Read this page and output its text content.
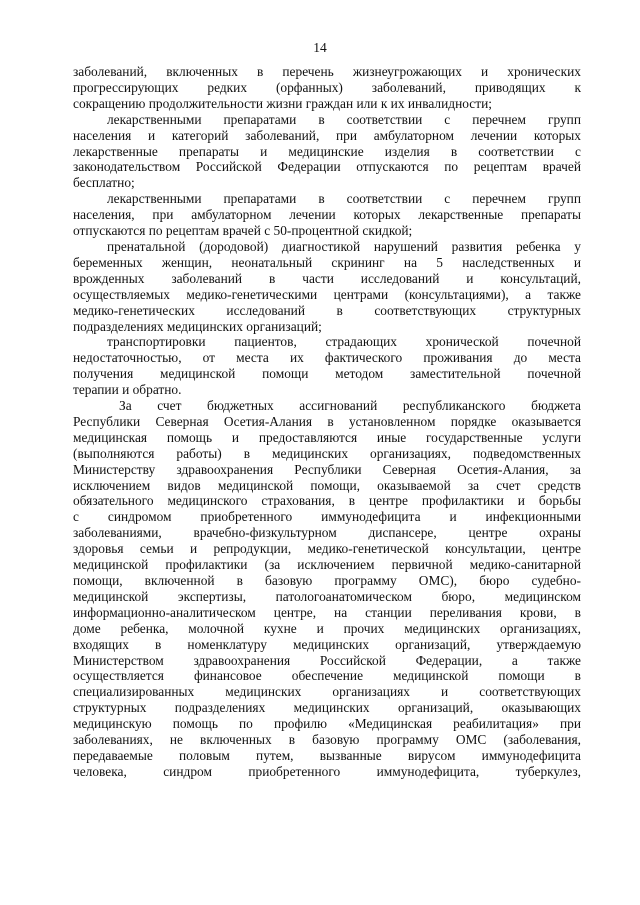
14
заболеваний, включенных в перечень жизнеугрожающих и хронических
прогрессирующих редких (орфанных) заболеваний, приводящих к
сокращению продолжительности жизни граждан или к их инвалидности;
лекарственными препаратами в соответствии с перечнем групп
населения и категорий заболеваний, при амбулаторном лечении которых
лекарственные препараты и медицинские изделия в соответствии с
законодательством Российской Федерации отпускаются по рецептам врачей
бесплатно;
лекарственными препаратами в соответствии с перечнем групп
населения, при амбулаторном лечении которых лекарственные препараты
отпускаются по рецептам врачей с 50-процентной скидкой;
пренатальной (дородовой) диагностикой нарушений развития ребенка у
беременных женщин, неонатальный скрининг на 5 наследственных и
врожденных заболеваний в части исследований и консультаций,
осуществляемых медико-генетическими центрами (консультациями), а также
медико-генетических исследований в соответствующих структурных
подразделениях медицинских организаций;
транспортировки пациентов, страдающих хронической почечной
недостаточностью, от места их фактического проживания до места
получения медицинской помощи методом заместительной почечной
терапии и обратно.
За счет бюджетных ассигнований республиканского бюджета
Республики Северная Осетия-Алания в установленном порядке оказывается
медицинская помощь и предоставляются иные государственные услуги
(выполняются работы) в медицинских организациях, подведомственных
Министерству здравоохранения Республики Северная Осетия-Алания, за
исключением видов медицинской помощи, оказываемой за счет средств
обязательного медицинского страхования, в центре профилактики и борьбы
с синдромом приобретенного иммунодефицита и инфекционными
заболеваниями, врачебно-физкультурном диспансере, центре охраны
здоровья семьи и репродукции, медико-генетической консультации, центре
медицинской профилактики (за исключением первичной медико-санитарной
помощи, включенной в базовую программу ОМС), бюро судебно-
медицинской экспертизы, патологоанатомическом бюро, медицинском
информационно-аналитическом центре, на станции переливания крови, в
доме ребенка, молочной кухне и прочих медицинских организациях,
входящих в номенклатуру медицинских организаций, утверждаемую
Министерством здравоохранения Российской Федерации, а также
осуществляется финансовое обеспечение медицинской помощи в
специализированных медицинских организациях и соответствующих
структурных подразделениях медицинских организаций, оказывающих
медицинскую помощь по профилю «Медицинская реабилитация» при
заболеваниях, не включенных в базовую программу ОМС (заболевания,
передаваемые половым путем, вызванные вирусом иммунодефицита
человека, синдром приобретенного иммунодефицита, туберкулез,
